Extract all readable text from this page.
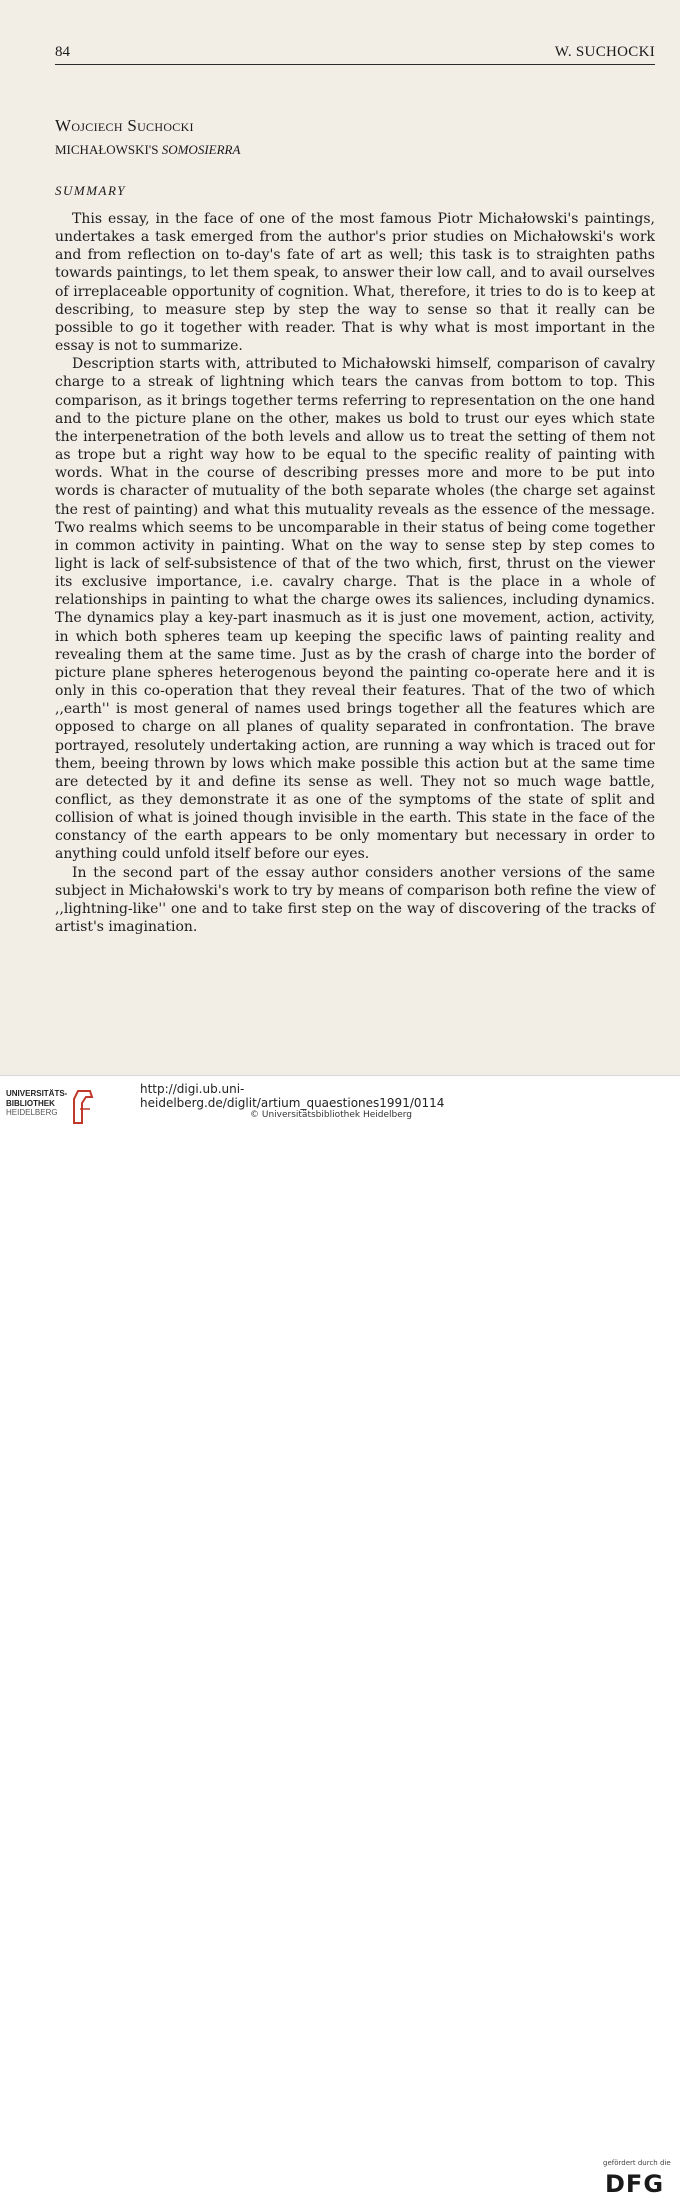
84	W. SUCHOCKI
Wojciech Suchocki
MICHAŁOWSKI'S SOMOSIERRA
SUMMARY

This essay, in the face of one of the most famous Piotr Michałowski's paintings, undertakes a task emerged from the author's prior studies on Michałowski's work and from reflection on to-day's fate of art as well; this task is to straighten paths towards paintings, to let them speak, to answer their low call, and to avail ourselves of irreplaceable opportunity of cognition. What, therefore, it tries to do is to keep at describing, to measure step by step the way to sense so that it really can be possible to go it together with reader. That is why what is most important in the essay is not to summarize.

Description starts with, attributed to Michałowski himself, comparison of cavalry charge to a streak of lightning which tears the canvas from bottom to top. This comparison, as it brings together terms referring to representation on the one hand and to the picture plane on the other, makes us bold to trust our eyes which state the interpenetration of the both levels and allow us to treat the setting of them not as trope but a right way how to be equal to the specific reality of painting with words. What in the course of describing presses more and more to be put into words is character of mutuality of the both separate wholes (the charge set against the rest of painting) and what this mutuality reveals as the essence of the message. Two realms which seems to be uncomparable in their status of being come together in common activity in painting. What on the way to sense step by step comes to light is lack of self-subsistence of that of the two which, first, thrust on the viewer its exclusive importance, i.e. cavalry charge. That is the place in a whole of relationships in painting to what the charge owes its saliences, including dynamics. The dynamics play a key-part inasmuch as it is just one movement, action, activity, in which both spheres team up keeping the specific laws of painting reality and revealing them at the same time. Just as by the crash of charge into the border of picture plane spheres heterogenous beyond the painting co-operate here and it is only in this co-operation that they reveal their features. That of the two of which ,,earth'' is most general of names used brings together all the features which are opposed to charge on all planes of quality separated in confrontation. The brave portrayed, resolutely undertaking action, are running a way which is traced out for them, beeing thrown by lows which make possible this action but at the same time are detected by it and define its sense as well. They not so much wage battle, conflict, as they demonstrate it as one of the symptoms of the state of split and collision of what is joined though invisible in the earth. This state in the face of the constancy of the earth appears to be only momentary but necessary in order to anything could unfold itself before our eyes.

In the second part of the essay author considers another versions of the same subject in Michałowski's work to try by means of comparison both refine the view of ,,lightning-like'' one and to take first step on the way of discovering of the tracks of artist's imagination.

UNIVERSITÄTS-
BIBLIOTHEK
HEIDELBERG
gefördert durch die
DFG
http://digi.ub.uni-heidelberg.de/diglit/artium_quaestiones1991/0114
© Universitätsbibliothek Heidelberg
